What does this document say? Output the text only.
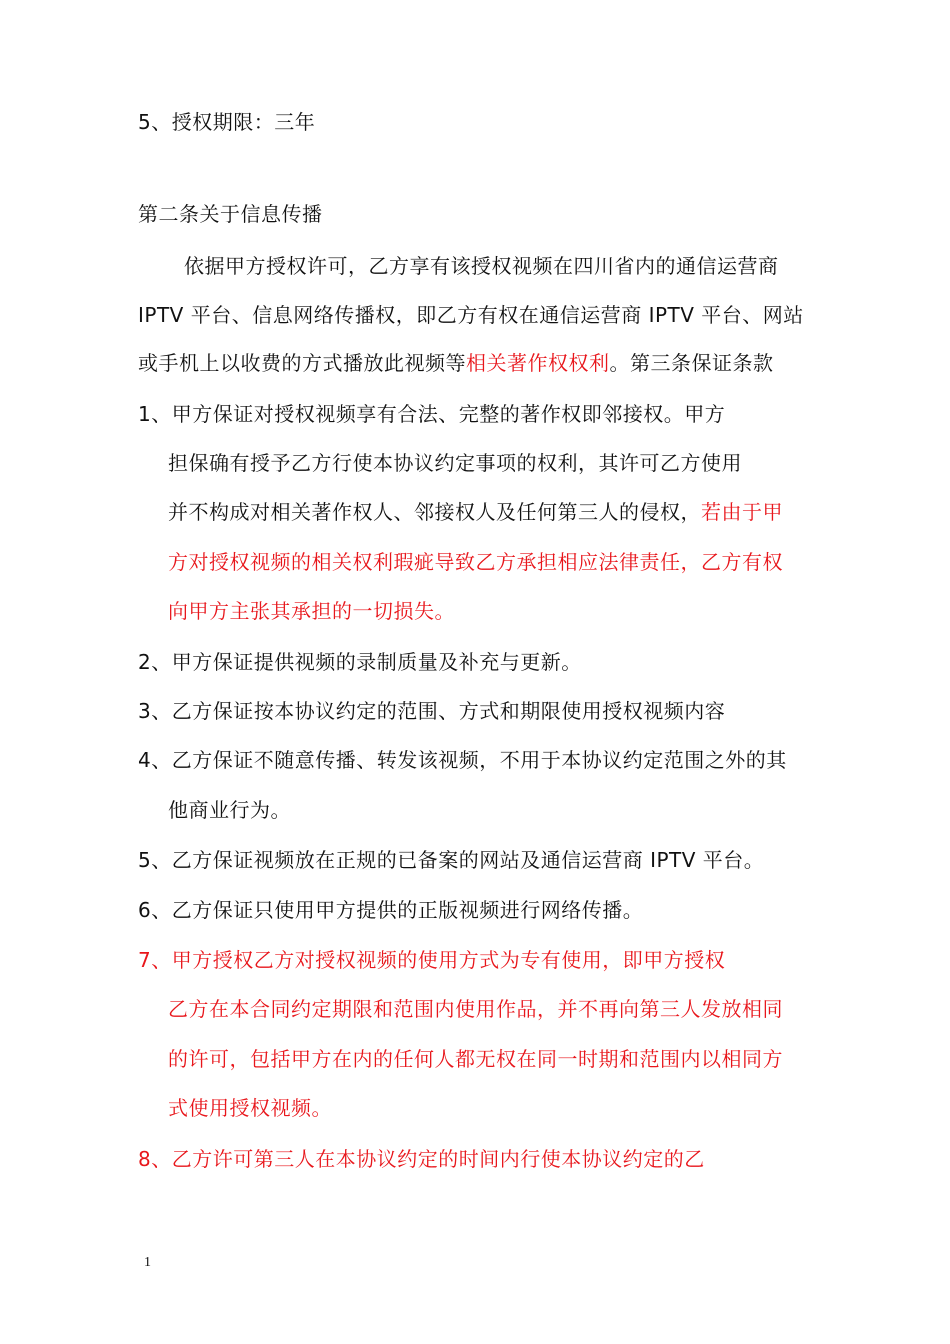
5、授权期限：三年
第二条关于信息传播
依据甲方授权许可，乙方享有该授权视频在四川省内的通信运营商
IPTV 平台、信息网络传播权，即乙方有权在通信运营商 IPTV 平台、网站
或手机上以收费的方式播放此视频等相关著作权权利。第三条保证条款
1、甲方保证对授权视频享有合法、完整的著作权即邻接权。甲方
担保确有授予乙方行使本协议约定事项的权利，其许可乙方使用
并不构成对相关著作权人、邻接权人及任何第三人的侵权，若由于甲
方对授权视频的相关权利瑕疵导致乙方承担相应法律责任，乙方有权
向甲方主张其承担的一切损失。
2、甲方保证提供视频的录制质量及补充与更新。
3、乙方保证按本协议约定的范围、方式和期限使用授权视频内容
4、乙方保证不随意传播、转发该视频，不用于本协议约定范围之外的其
他商业行为。
5、乙方保证视频放在正规的已备案的网站及通信运营商 IPTV 平台。
6、乙方保证只使用甲方提供的正版视频进行网络传播。
7、甲方授权乙方对授权视频的使用方式为专有使用，即甲方授权
乙方在本合同约定期限和范围内使用作品，并不再向第三人发放相同
的许可，包括甲方在内的任何人都无权在同一时期和范围内以相同方
式使用授权视频。
8、乙方许可第三人在本协议约定的时间内行使本协议约定的乙
1
